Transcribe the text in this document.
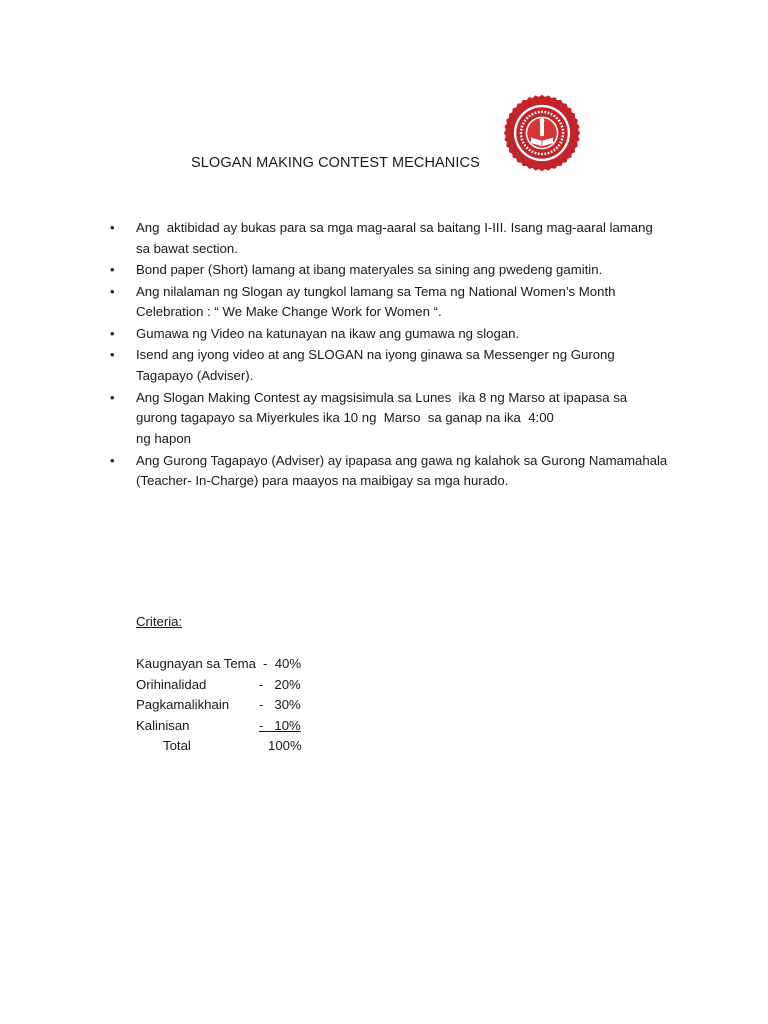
SLOGAN MAKING CONTEST MECHANICS
• Ang  aktibidad ay bukas para sa mga mag-aaral sa baitang I-III. Isang mag-aaral lamang
sa bawat section.
• Bond paper (Short) lamang at ibang materyales sa sining ang pwedeng gamitin.
• Ang nilalaman ng Slogan ay tungkol lamang sa Tema ng National Women’s Month
Celebration : “ We Make Change Work for Women “.
• Gumawa ng Video na katunayan na ikaw ang gumawa ng slogan.
• Isend ang iyong video at ang SLOGAN na iyong ginawa sa Messenger ng Gurong
Tagapayo (Adviser).
• Ang Slogan Making Contest ay magsisimula sa Lunes  ika 8 ng Marso at ipapasa sa
gurong tagapayo sa Miyerkules ika 10 ng  Marso  sa ganap na ika  4:00
ng hapon
• Ang Gurong Tagapayo (Adviser) ay ipapasa ang gawa ng kalahok sa Gurong Namamahala
(Teacher- In-Charge) para maayos na maibigay sa mga hurado.
Criteria:
Kaugnayan sa Tema -  40%
Orihinalidad	-   20%
Pagkamalikhain -   30%
Kalinisan	-   10%
Total	100%
